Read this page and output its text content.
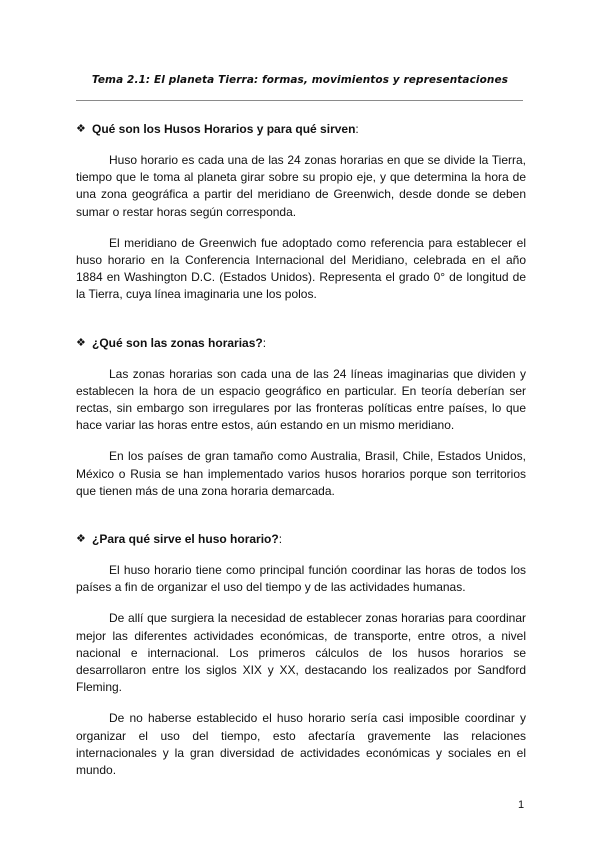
Tema 2.1: El planeta Tierra: formas, movimientos y representaciones
❖ Qué son los Husos Horarios y para qué sirven:

Huso horario es cada una de las 24 zonas horarias en que se divide la Tierra, tiempo que le toma al planeta girar sobre su propio eje, y que determina la hora de una zona geográfica a partir del meridiano de Greenwich, desde donde se deben sumar o restar horas según corresponda.

El meridiano de Greenwich fue adoptado como referencia para establecer el huso horario en la Conferencia Internacional del Meridiano, celebrada en el año 1884 en Washington D.C. (Estados Unidos). Representa el grado 0° de longitud de la Tierra, cuya línea imaginaria une los polos.

❖ ¿Qué son las zonas horarias?:

Las zonas horarias son cada una de las 24 líneas imaginarias que dividen y establecen la hora de un espacio geográfico en particular. En teoría deberían ser rectas, sin embargo son irregulares por las fronteras políticas entre países, lo que hace variar las horas entre estos, aún estando en un mismo meridiano.

En los países de gran tamaño como Australia, Brasil, Chile, Estados Unidos, México o Rusia se han implementado varios husos horarios porque son territorios que tienen más de una zona horaria demarcada.

❖ ¿Para qué sirve el huso horario?:

El huso horario tiene como principal función coordinar las horas de todos los países a fin de organizar el uso del tiempo y de las actividades humanas.

De allí que surgiera la necesidad de establecer zonas horarias para coordinar mejor las diferentes actividades económicas, de transporte, entre otros, a nivel nacional e internacional. Los primeros cálculos de los husos horarios se desarrollaron entre los siglos XIX y XX, destacando los realizados por Sandford Fleming.

De no haberse establecido el huso horario sería casi imposible coordinar y organizar el uso del tiempo, esto afectaría gravemente las relaciones internacionales y la gran diversidad de actividades económicas y sociales en el mundo.

1
